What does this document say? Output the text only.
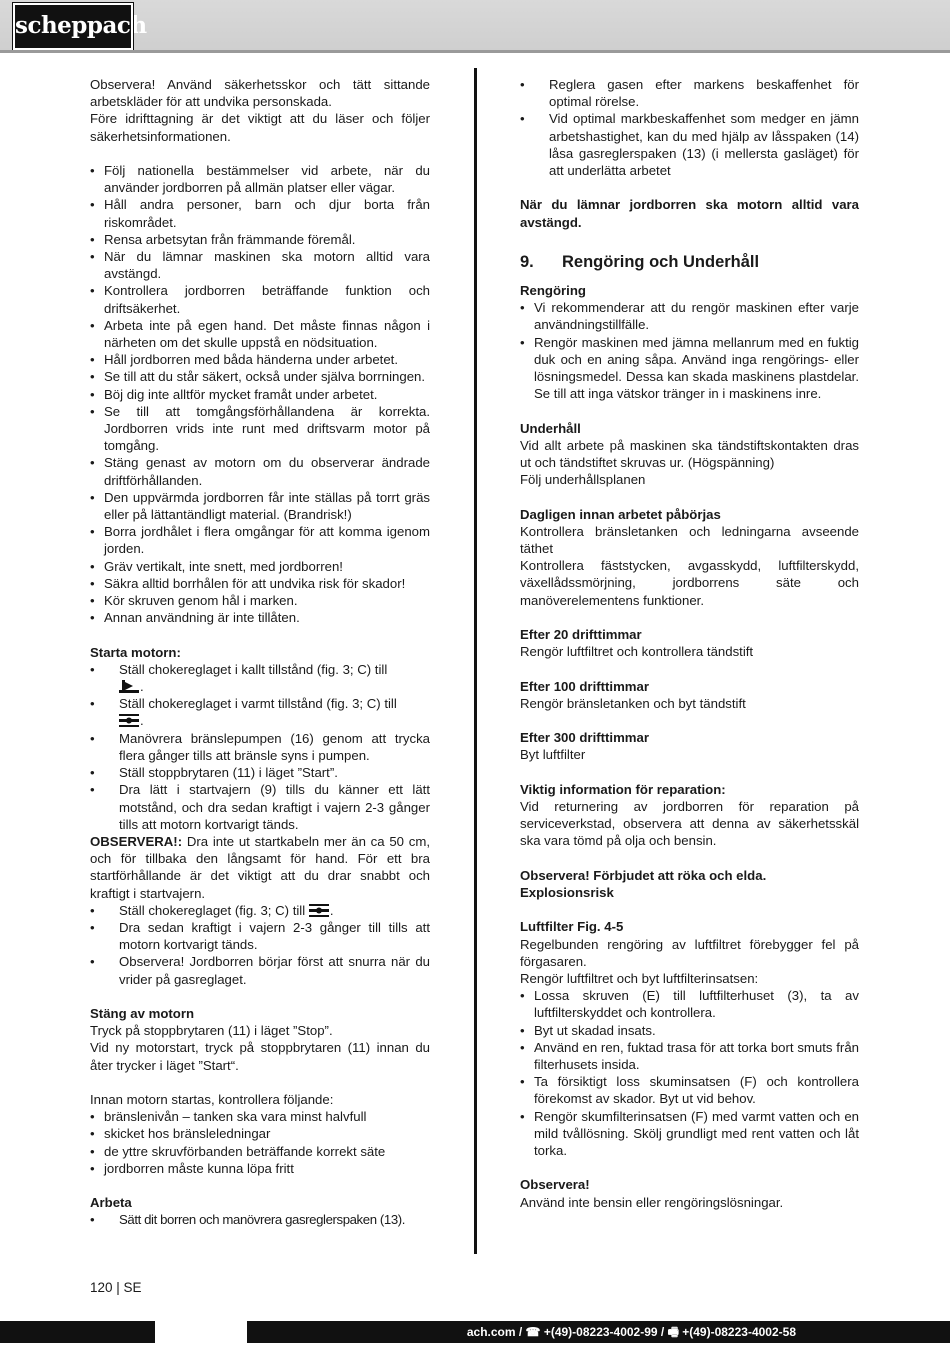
scheppach

Observera! Använd säkerhetsskor och tätt sittande arbetskläder för att undvika personskada.

Före idrifttagning är det viktigt att du läser och följer säkerhetsinformationen.

• Följ nationella bestämmelser vid arbete, när du använder jordborren på allmän platser eller vägar.
• Håll andra personer, barn och djur borta från riskområdet.
• Rensa arbetsytan från främmande föremål.
• När du lämnar maskinen ska motorn alltid vara avstängd.
• Kontrollera jordborren beträffande funktion och driftsäkerhet.
• Arbeta inte på egen hand. Det måste finnas någon i närheten om det skulle uppstå en nödsituation.
• Håll jordborren med båda händerna under arbetet.
• Se till att du står säkert, också under själva borrningen.
• Böj dig inte alltför mycket framåt under arbetet.
• Se till att tomgångsförhållandena är korrekta. Jordborren vrids inte runt med driftsvarm motor på tomgång.
• Stäng genast av motorn om du observerar ändrade driftförhållanden.
• Den uppvärmda jordborren får inte ställas på torrt gräs eller på lättantändligt material. (Brandrisk!)
• Borra jordhålet i flera omgångar för att komma igenom jorden.
• Gräv vertikalt, inte snett, med jordborren!
• Säkra alltid borrhålen för att undvika risk för skador!
• Kör skruven genom hål i marken.
• Annan användning är inte tillåten.

Starta motorn:

• Ställ chokereglaget i kallt tillstånd (fig. 3; C) till
.
• Ställ chokereglaget i varmt tillstånd (fig. 3; C) till
.
• Manövrera bränslepumpen (16) genom att trycka flera gånger tills att bränsle syns i pumpen.
• Ställ stoppbrytaren (11) i läget ”Start”.
• Dra lätt i startvajern (9) tills du känner ett lätt motstånd, och dra sedan kraftigt i vajern 2-3 gånger tills att motorn kortvarigt tänds.

OBSERVERA!: Dra inte ut startkabeln mer än ca 50 cm, och för tillbaka den långsamt för hand. För ett bra startförhållande är det viktigt att du drar snabbt och kraftigt i startvajern.

• Ställ chokereglaget (fig. 3; C) till .
• Dra sedan kraftigt i vajern 2-3 gånger till tills att motorn kortvarigt tänds.
• Observera! Jordborren börjar först att snurra när du vrider på gasreglaget.

Stäng av motorn

Tryck på stoppbrytaren (11) i läget ”Stop”.

Vid ny motorstart, tryck på stoppbrytaren (11) innan du åter trycker i läget ”Start“.

Innan motorn startas, kontrollera följande:

• bränslenivån – tanken ska vara minst halvfull
• skicket hos bränsleledningar
• de yttre skruvförbanden beträffande korrekt säte
• jordborren måste kunna löpa fritt

Arbeta

• Sätt dit borren och manövrera gasreglerspaken (13).
• Reglera gasen efter markens beskaffenhet för optimal rörelse.
• Vid optimal markbeskaffenhet som medger en jämn arbetshastighet, kan du med hjälp av låsspaken (14) låsa gasreglerspaken (13) (i mellersta gasläget) för att underlätta arbetet

När du lämnar jordborren ska motorn alltid vara avstängd.

9. Rengöring och Underhåll

Rengöring

• Vi rekommenderar att du rengör maskinen efter varje användningstillfälle.
• Rengör maskinen med jämna mellanrum med en fuktig duk och en aning såpa. Använd inga rengörings- eller lösningsmedel. Dessa kan skada maskinens plastdelar. Se till att inga vätskor tränger in i maskinens inre.

Underhåll

Vid allt arbete på maskinen ska tändstiftskontakten dras ut och tändstiftet skruvas ur. (Högspänning)

Följ underhållsplanen

Dagligen innan arbetet påbörjas

Kontrollera bränsletanken och ledningarna avseende täthet

Kontrollera fäststycken, avgasskydd, luftfilterskydd, växellådssmörjning, jordborrens säte och manöverelementens funktioner.

Efter 20 drifttimmar

Rengör luftfiltret och kontrollera tändstift

Efter 100 drifttimmar

Rengör bränsletanken och byt tändstift

Efter 300 drifttimmar

Byt luftfilter

Viktig information för reparation:

Vid returnering av jordborren för reparation på serviceverkstad, observera att denna av säkerhetsskäl ska vara tömd på olja och bensin.

Observera! Förbjudet att röka och elda. Explosionsrisk

Luftfilter Fig. 4-5

Regelbunden rengöring av luftfiltret förebygger fel på förgasaren.

Rengör luftfiltret och byt luftfilterinsatsen:

• Lossa skruven (E) till luftfilterhuset (3), ta av luftfilterskyddet och kontrollera.
• Byt ut skadad insats.
• Använd en ren, fuktad trasa för att torka bort smuts från filterhusets insida.
• Ta försiktigt loss skuminsatsen (F) och kontrollera förekomst av skador. Byt ut vid behov.
• Rengör skumfilterinsatsen (F) med varmt vatten och en mild tvållösning. Skölj grundligt med rent vatten och låt torka.

Observera!

Använd inte bensin eller rengöringslösningar.

120 | SE
ach.com / ☎ +(49)-08223-4002-99 / 🖷 +(49)-08223-4002-58
